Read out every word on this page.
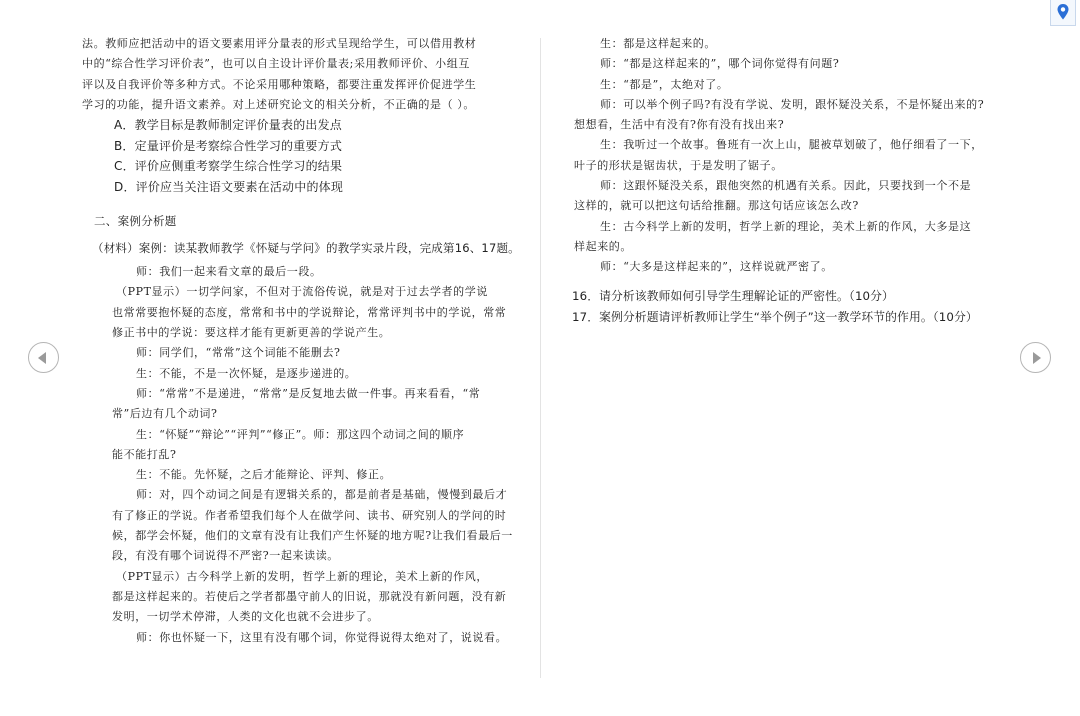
法。教师应把活动中的语文要素用评分量表的形式呈现给学生，可以借用教材
中的“综合性学习评价表”，也可以自主设计评价量表;采用教师评价、小组互
评以及自我评价等多种方式。不论采用哪种策略，都要注重发挥评价促进学生
学习的功能，提升语文素养。对上述研究论文的相关分析，不正确的是（ ）。
A．教学目标是教师制定评价量表的出发点
B．定量评价是考察综合性学习的重要方式
C．评价应侧重考察学生综合性学习的结果
D．评价应当关注语文要素在活动中的体现
二、案例分析题
（材料）案例：读某教师教学《怀疑与学问》的教学实录片段，完成第16、17题。
师：我们一起来看文章的最后一段。
（PPT显示）一切学问家，不但对于流俗传说，就是对于过去学者的学说
也常常要抱怀疑的态度，常常和书中的学说辩论，常常评判书中的学说，常常
修正书中的学说：要这样才能有更新更善的学说产生。
师：同学们，“常常”这个词能不能删去?
生：不能，不是一次怀疑，是逐步递进的。
师：“常常”不是递进，“常常”是反复地去做一件事。再来看看，“常
常”后边有几个动词?
生：“怀疑”“辩论”“评判”“修正”。师：那这四个动词之间的顺序
能不能打乱?
生：不能。先怀疑，之后才能辩论、评判、修正。
师：对，四个动词之间是有逻辑关系的，都是前者是基础，慢慢到最后才
有了修正的学说。作者希望我们每个人在做学问、读书、研究别人的学问的时
候，都学会怀疑，他们的文章有没有让我们产生怀疑的地方呢?让我们看最后一
段，有没有哪个词说得不严密?一起来读读。
（PPT显示）古今科学上新的发明，哲学上新的理论，美术上新的作风，
都是这样起来的。若使后之学者都墨守前人的旧说，那就没有新问题，没有新
发明，一切学术停滞，人类的文化也就不会进步了。
师：你也怀疑一下，这里有没有哪个词，你觉得说得太绝对了，说说看。
生：都是这样起来的。
师：“都是这样起来的”，哪个词你觉得有问题?
生：“都是”，太绝对了。
师：可以举个例子吗?有没有学说、发明，跟怀疑没关系，不是怀疑出来的?
想想看，生活中有没有?你有没有找出来?
生：我听过一个故事。鲁班有一次上山，腿被草划破了，他仔细看了一下，
叶子的形状是锯齿状，于是发明了锯子。
师：这跟怀疑没关系，跟他突然的机遇有关系。因此，只要找到一个不是
这样的，就可以把这句话给推翻。那这句话应该怎么改?
生：古今科学上新的发明，哲学上新的理论，美术上新的作风，大多是这
样起来的。
师：“大多是这样起来的”，这样说就严密了。
16．请分析该教师如何引导学生理解论证的严密性。（10分）
17．案例分析题请评析教师让学生“举个例子”这一教学环节的作用。（10分）
